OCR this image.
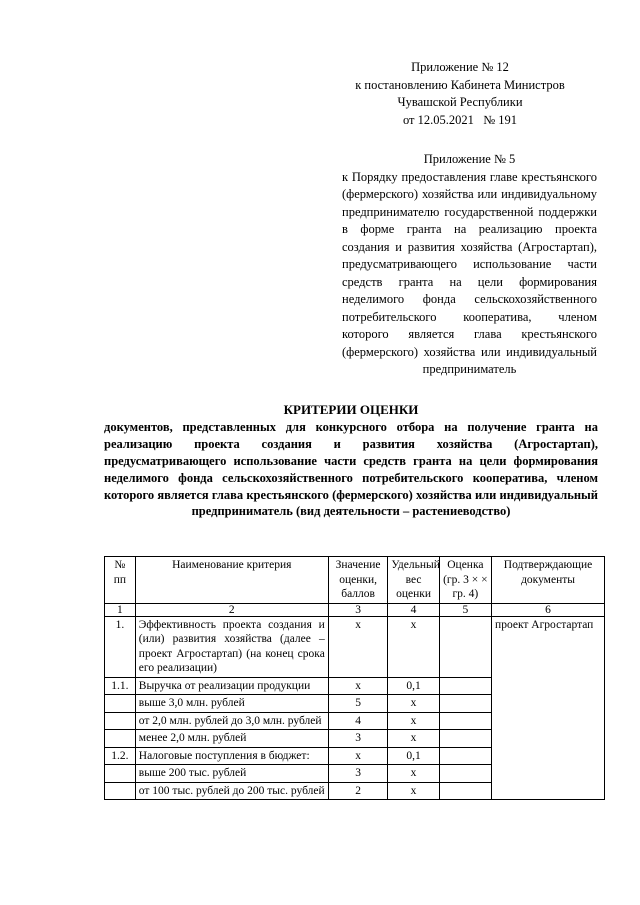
Приложение № 12
к постановлению Кабинета Министров
Чувашской Республики
от 12.05.2021   № 191
Приложение № 5
к Порядку предоставления главе крестьянского (фермерского) хозяйства или индивидуальному предпринимателю государственной поддержки в форме гранта на реализацию проекта создания и развития хозяйства (Агростартап), предусматривающего использование части средств гранта на цели формирования неделимого фонда сельскохозяйственного потребительского кооператива, членом которого является глава крестьянского (фермерского) хозяйства или индивидуальный предприниматель
КРИТЕРИИ ОЦЕНКИ
документов, представленных для конкурсного отбора на получение гранта на реализацию проекта создания и развития хозяйства (Агростартап), предусматривающего использование части средств гранта на цели формирования неделимого фонда сельскохозяйственного потребительского кооператива, членом которого является глава крестьянского (фермерского) хозяйства или индивидуальный предприниматель (вид деятельности – растениеводство)
№ пп	Наименование критерия	Значение оценки, баллов	Удельный вес оценки	Оценка (гр. 3 × × гр. 4)	Подтверждающие документы
1	2	3	4	5	6
1.	Эффективность проекта создания и (или) развития хозяйства (далее – проект Агростартап) (на конец срока его реализации)	х	х		проект Агростартап
1.1.	Выручка от реализации продукции	х	0,1		
	выше 3,0 млн. рублей	5	х		
	от 2,0 млн. рублей до 3,0 млн. рублей	4	х		
	менее 2,0 млн. рублей	3	х		
1.2.	Налоговые поступления в бюджет:	х	0,1		
	выше 200 тыс. рублей	3	х		
	от 100 тыс. рублей до 200 тыс. рублей	2	х		
